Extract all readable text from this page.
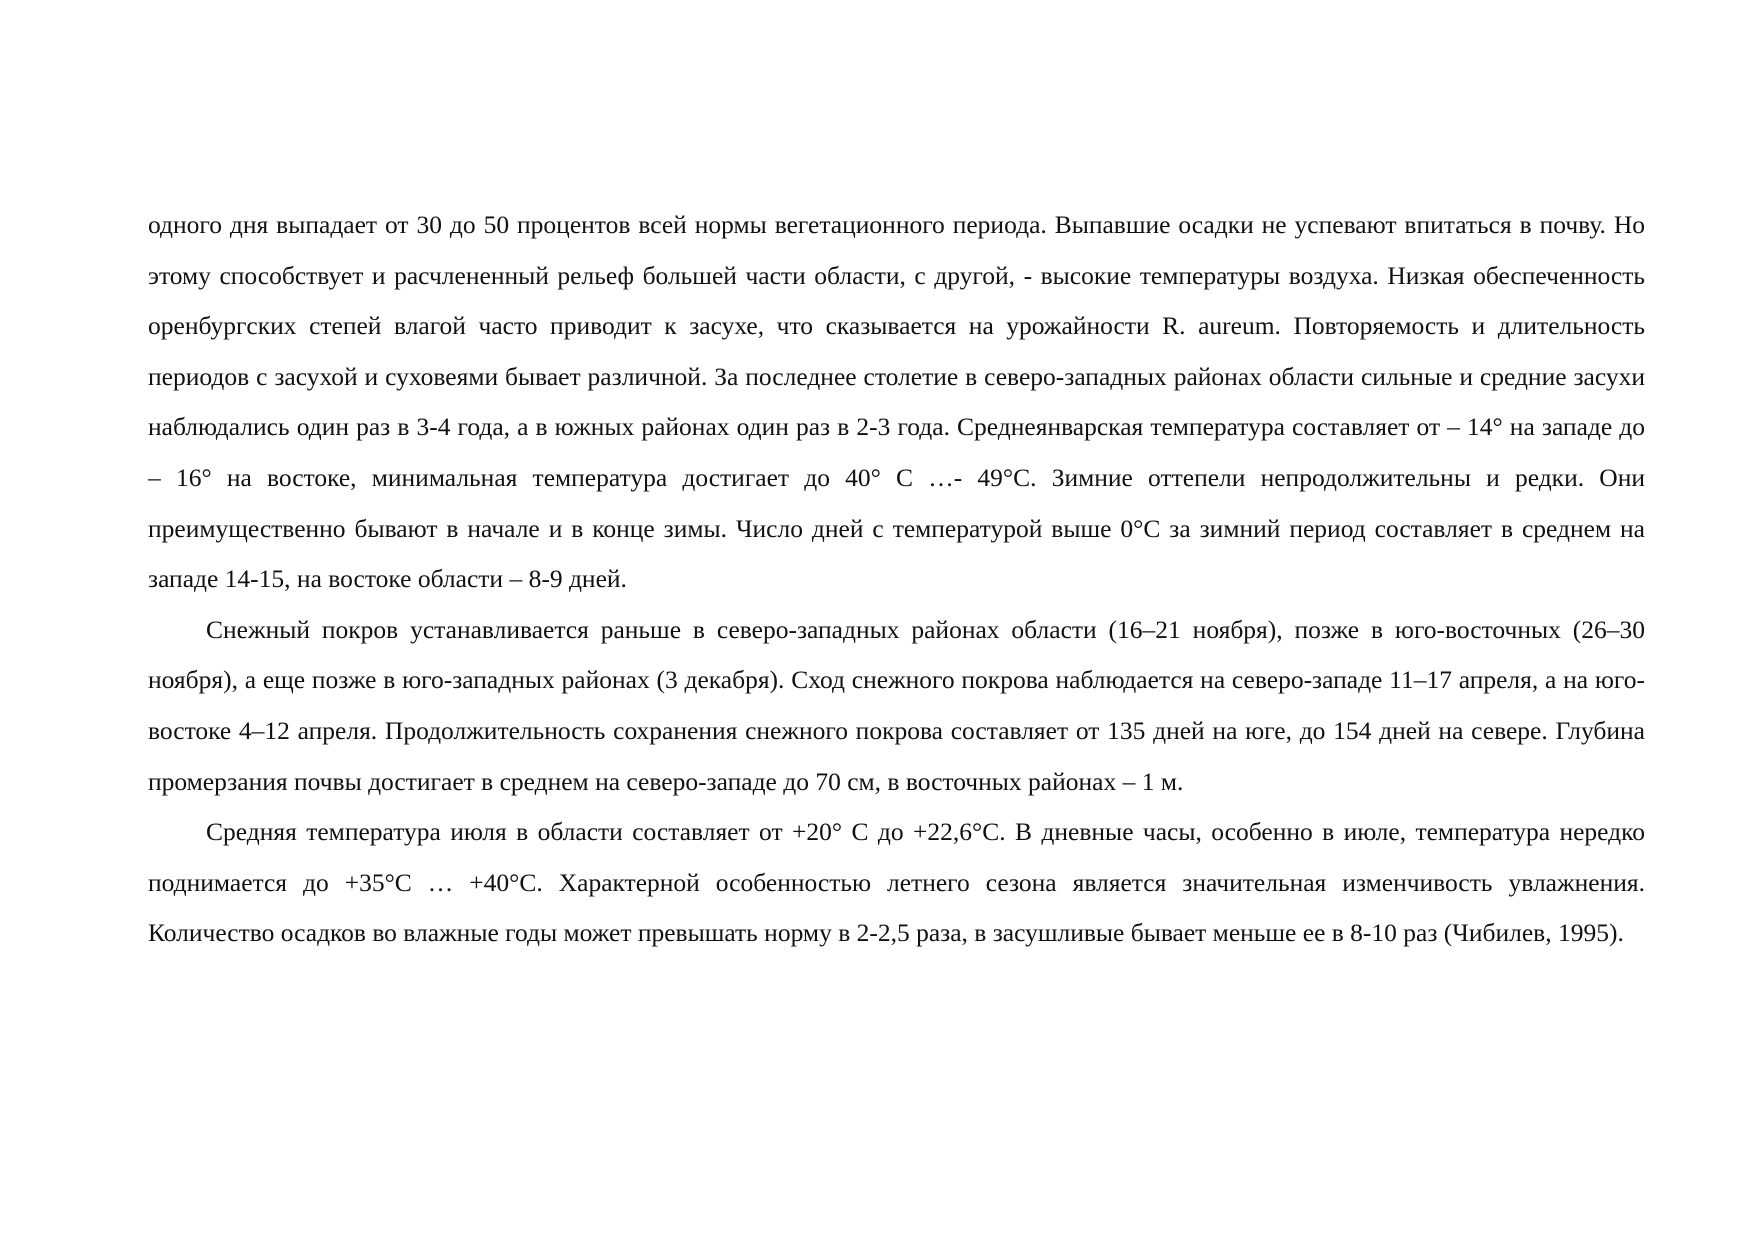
одного дня выпадает от 30 до 50 процентов всей нормы вегетационного периода. Выпавшие осадки не успевают впитаться в почву. Но этому способствует и расчлененный рельеф большей части области, с другой, - высокие температуры воздуха. Низкая обеспеченность оренбургских степей влагой часто приводит к засухе, что сказывается на урожайности R. aureum. Повторяемость и длительность периодов с засухой и суховеями бывает различной. За последнее столетие в северо-западных районах области сильные и средние засухи наблюдались один раз в 3-4 года, а в южных районах один раз в 2-3 года. Среднеянварская температура составляет от – 14° на западе до – 16° на востоке, минимальная температура достигает до 40° С …- 49°С. Зимние оттепели непродолжительны и редки. Они преимущественно бывают в начале и в конце зимы. Число дней с температурой выше 0°С за зимний период составляет в среднем на западе 14-15, на востоке области – 8-9 дней.

Снежный покров устанавливается раньше в северо-западных районах области (16–21 ноября), позже в юго-восточных (26–30 ноября), а еще позже в юго-западных районах (3 декабря). Сход снежного покрова наблюдается на северо-западе 11–17 апреля, а на юго-востоке 4–12 апреля. Продолжительность сохранения снежного покрова составляет от 135 дней на юге, до 154 дней на севере. Глубина промерзания почвы достигает в среднем на северо-западе до 70 см, в восточных районах – 1 м.

Средняя температура июля в области составляет от +20° С до +22,6°С. В дневные часы, особенно в июле, температура нередко поднимается до +35°С … +40°С. Характерной особенностью летнего сезона является значительная изменчивость увлажнения. Количество осадков во влажные годы может превышать норму в 2-2,5 раза, в засушливые бывает меньше ее в 8-10 раз (Чибилев, 1995).
